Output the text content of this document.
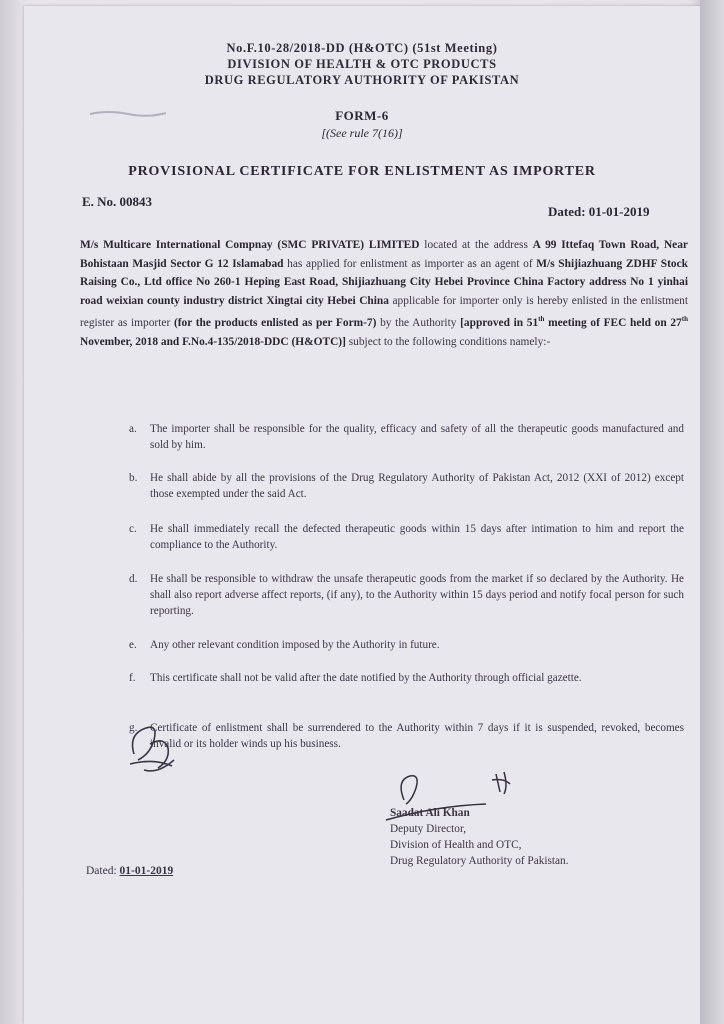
No.F.10-28/2018-DD (H&OTC) (51st Meeting)
DIVISION OF HEALTH & OTC PRODUCTS
DRUG REGULATORY AUTHORITY OF PAKISTAN
FORM-6
[(See rule 7(16)]
PROVISIONAL CERTIFICATE FOR ENLISTMENT AS IMPORTER
E. No. 00843
Dated: 01-01-2019
M/s Multicare International Compnay (SMC PRIVATE) LIMITED located at the address A 99 Ittefaq Town Road, Near Bohistaan Masjid Sector G 12 Islamabad has applied for enlistment as importer as an agent of M/s Shijiazhuang ZDHF Stock Raising Co., Ltd office No 260-1 Heping East Road, Shijiazhuang City Hebei Province China Factory address No 1 yinhai road weixian county industry district Xingtai city Hebei China applicable for importer only is hereby enlisted in the enlistment register as importer (for the products enlisted as per Form-7) by the Authority [approved in 51th meeting of FEC held on 27th November, 2018 and F.No.4-135/2018-DDC (H&OTC)] subject to the following conditions namely:-
a. The importer shall be responsible for the quality, efficacy and safety of all the therapeutic goods manufactured and sold by him.
b. He shall abide by all the provisions of the Drug Regulatory Authority of Pakistan Act, 2012 (XXI of 2012) except those exempted under the said Act.
c. He shall immediately recall the defected therapeutic goods within 15 days after intimation to him and report the compliance to the Authority.
d. He shall be responsible to withdraw the unsafe therapeutic goods from the market if so declared by the Authority. He shall also report adverse affect reports, (if any), to the Authority within 15 days period and notify focal person for such reporting.
e. Any other relevant condition imposed by the Authority in future.
f. This certificate shall not be valid after the date notified by the Authority through official gazette.
g. Certificate of enlistment shall be surrendered to the Authority within 7 days if it is suspended, revoked, becomes invalid or its holder winds up his business.
Saadat Ali Khan
Deputy Director,
Division of Health and OTC,
Drug Regulatory Authority of Pakistan.
Dated: 01-01-2019
